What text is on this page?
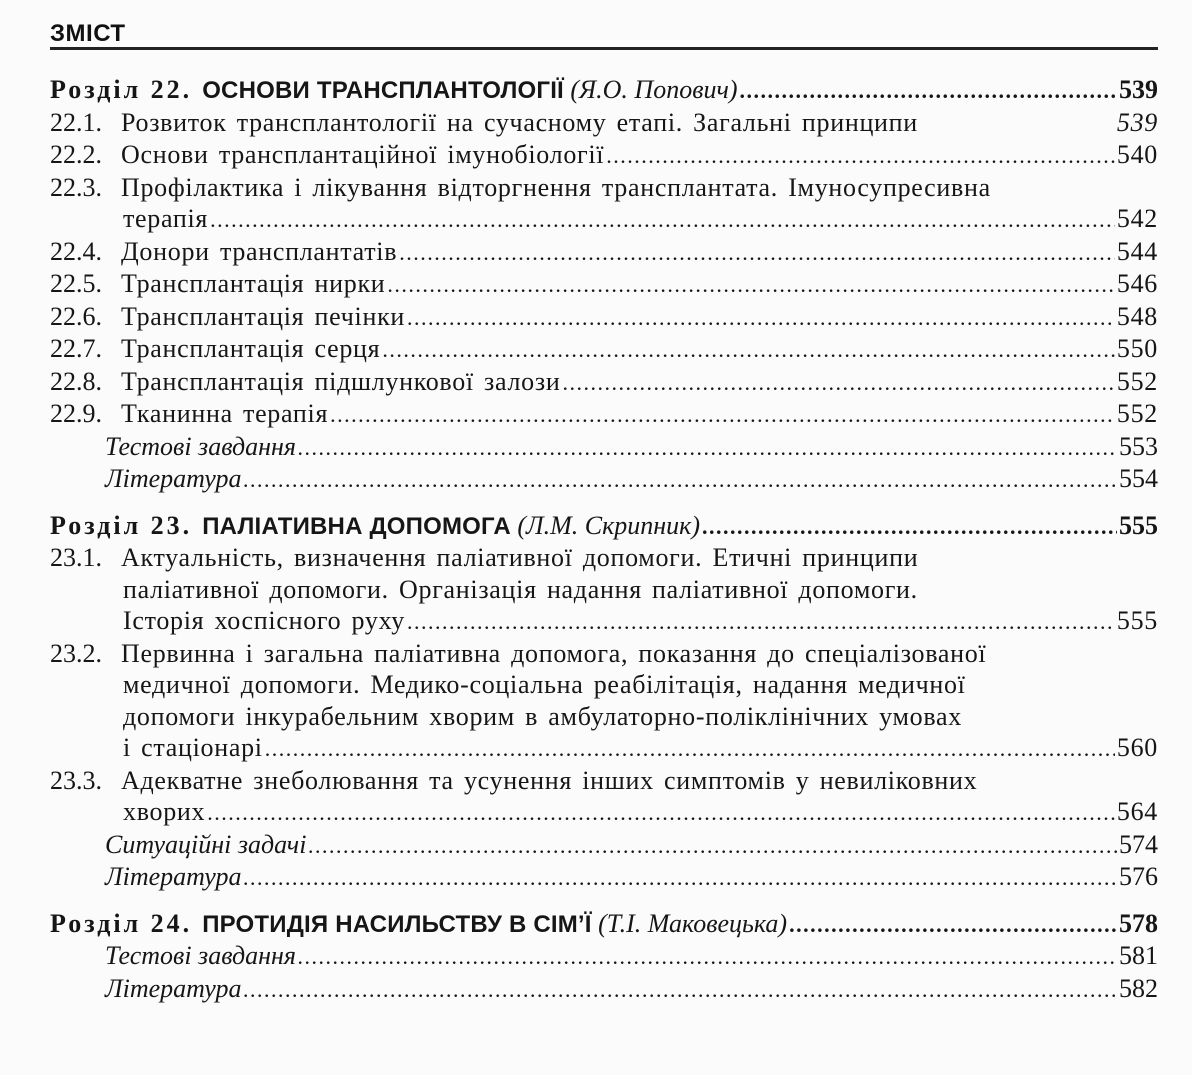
ЗМІСТ
Розділ 22. ОСНОВИ ТРАНСПЛАНТОЛОГІЇ (Я.О. Попович) .....	539
22.1. Розвиток трансплантології на сучасному етапі. Загальні принципи	539
22.2. Основи трансплантаційної імунобіології .....	540
22.3. Профілактика і лікування відторгнення трансплантата. Імуносупресивна
терапія .....	542
22.4. Донори трансплантатів .....	544
22.5. Трансплантація нирки .....	546
22.6. Трансплантація печінки .....	548
22.7. Трансплантація серця .....	550
22.8. Трансплантація підшлункової залози .....	552
22.9. Тканинна терапія .....	552
Тестові завдання .....	553
Література .....	554
Розділ 23. ПАЛІАТИВНА ДОПОМОГА (Л.М. Скрипник) .....	555
23.1. Актуальність, визначення паліативної допомоги. Етичні принципи
паліативної допомоги. Організація надання паліативної допомоги.
Історія хоспісного руху .....	555
23.2. Первинна і загальна паліативна допомога, показання до спеціалізованої
медичної допомоги. Медико-соціальна реабілітація, надання медичної
допомоги інкурабельним хворим в амбулаторно-поліклінічних умовах
і стаціонарі .....	560
23.3. Адекватне знеболювання та усунення інших симптомів у невиліковних
хворих .....	564
Ситуаційні задачі .....	574
Література .....	576
Розділ 24. ПРОТИДІЯ НАСИЛЬСТВУ В СІМ’Ї (Т.І. Маковецька) .....	578
Тестові завдання .....	581
Література .....	582
